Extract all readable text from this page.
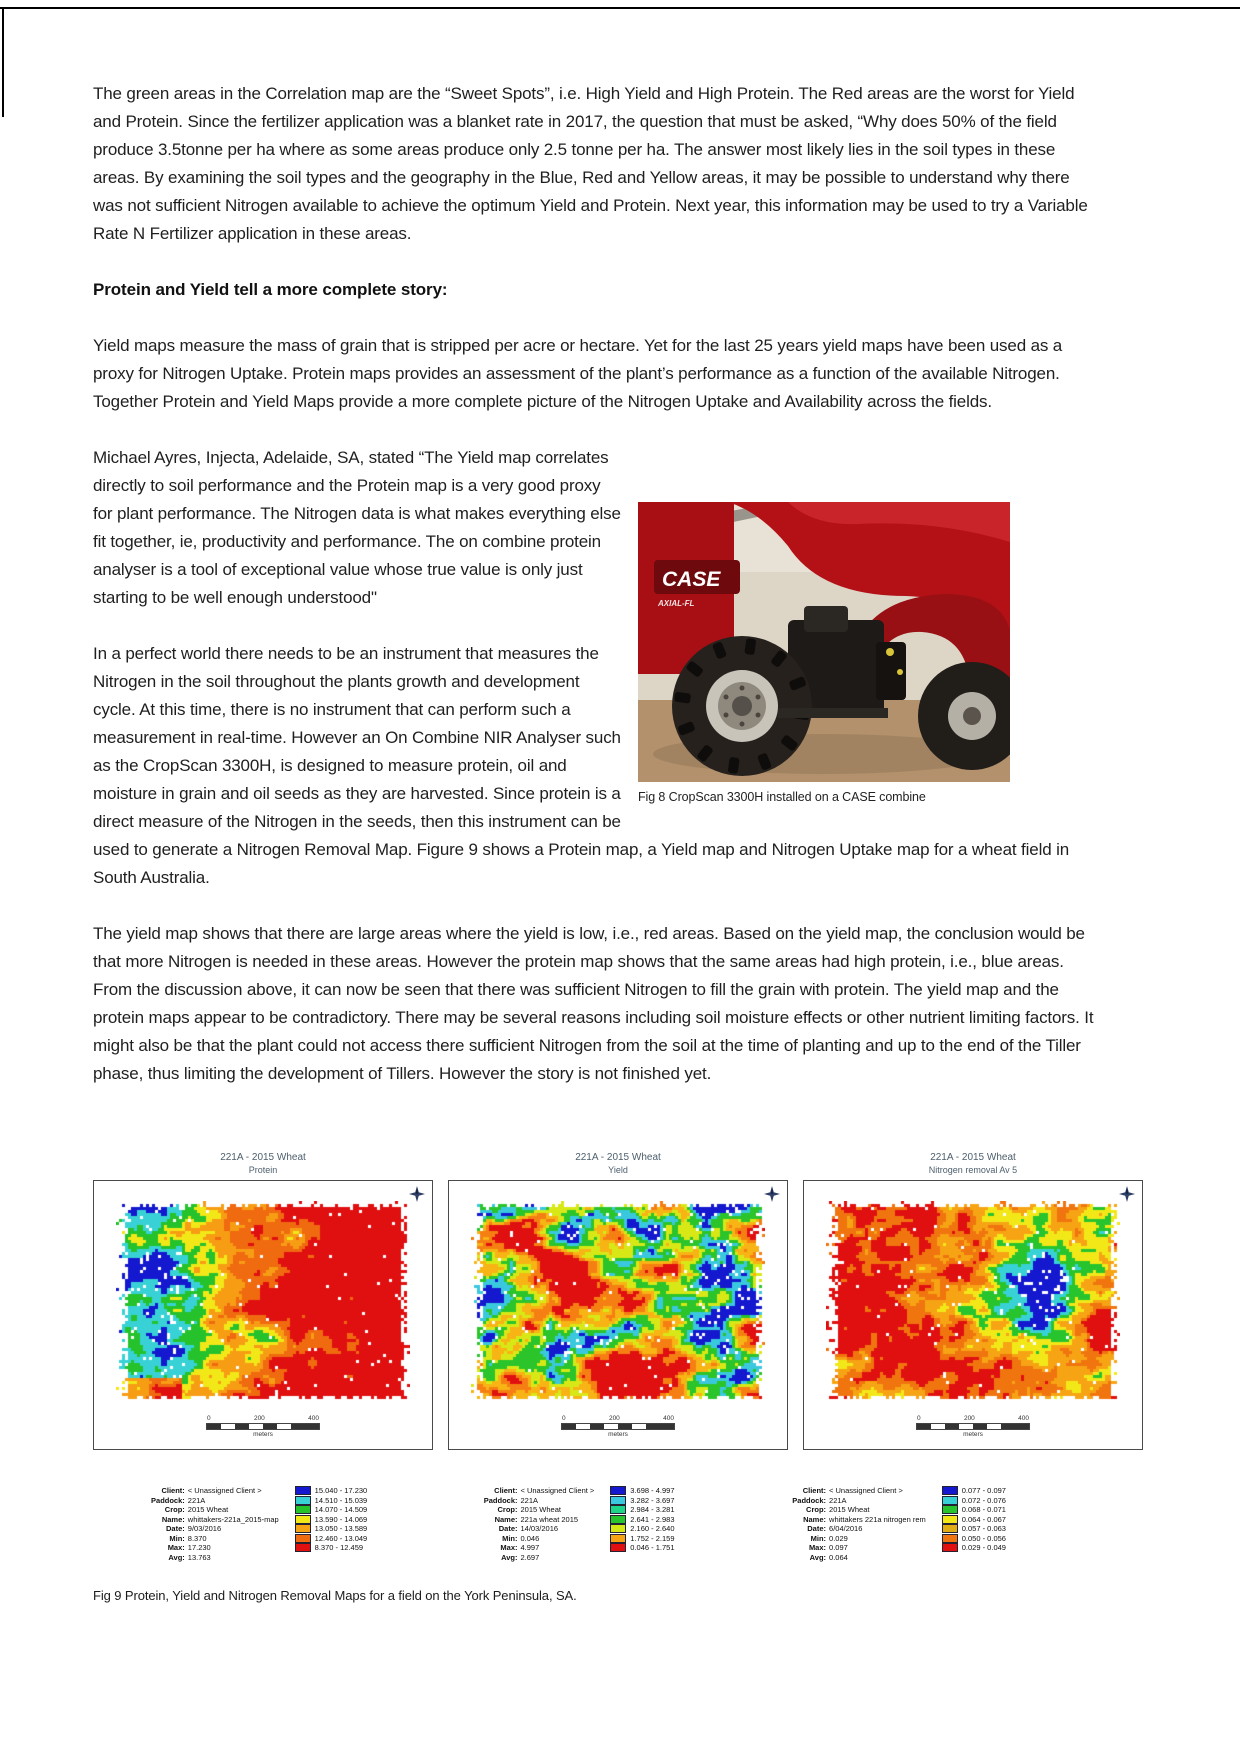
The green areas in the Correlation map are the “Sweet Spots”, i.e. High Yield and High Protein. The Red areas are the worst for Yield and Protein. Since the fertilizer application was a blanket rate in 2017, the question that must be asked, “Why does 50% of the field produce 3.5tonne per ha where as some areas produce only 2.5 tonne per ha. The answer most likely lies in the soil types in these areas. By examining the soil types and the geography in the Blue, Red and Yellow areas, it may be possible to understand why there was not sufficient Nitrogen available to achieve the optimum Yield and Protein. Next year, this information may be used to try a Variable Rate N Fertilizer application in these areas.

Protein and Yield tell a more complete story:

Yield maps measure the mass of grain that is stripped per acre or hectare. Yet for the last 25 years yield maps have been used as a proxy for Nitrogen Uptake. Protein maps provides an assessment of the plant’s performance as a function of the available Nitrogen. Together Protein and Yield Maps provide a more complete picture of the Nitrogen Uptake and Availability across the fields.

CASE
AXIAL-FL
Fig 8 CropScan 3300H installed on a CASE combine

Michael Ayres, Injecta, Adelaide, SA, stated “The Yield map correlates directly to soil performance and the Protein map is a very good proxy for plant performance. The Nitrogen data is what makes everything else fit together, ie, productivity and performance. The on combine protein analyser is a tool of exceptional value whose true value is only just starting to be well enough understood"

In a perfect world there needs to be an instrument that measures the Nitrogen in the soil throughout the plants growth and development cycle. At this time, there is no instrument that can perform such a measurement in real-time. However an On Combine NIR Analyser such as the CropScan 3300H, is designed to measure protein, oil and moisture in grain and oil seeds as they are harvested. Since protein is a direct measure of the Nitrogen in the seeds, then this instrument can be used to generate a Nitrogen Removal Map. Figure 9 shows a Protein map, a Yield map and Nitrogen Uptake map for a wheat field in South Australia.

The yield map shows that there are large areas where the yield is low, i.e., red areas. Based on the yield map, the conclusion would be that more Nitrogen is needed in these areas. However the protein map shows that the same areas had high protein, i.e., blue areas. From the discussion above, it can now be seen that there was sufficient Nitrogen to fill the grain with protein. The yield map and the protein maps appear to be contradictory. There may be several reasons including soil moisture effects or other nutrient limiting factors. It might also be that the plant could not access there sufficient Nitrogen from the soil at the time of planting and up to the end of the Tiller phase, thus limiting the development of Tillers. However the story is not finished yet.

221A - 2015 Wheat
Protein
0	200	400
meters
221A - 2015 Wheat
Yield
0	200	400
meters
221A - 2015 Wheat
Nitrogen removal Av 5
0	200	400
meters
Client: < Unassigned Client >
Paddock: 221A
Crop: 2015 Wheat
Name: whittakers-221a_2015-map
Date: 9/03/2016
Min: 8.370
Max: 17.230
Avg: 13.763
15.040 - 17.230
14.510 - 15.039
14.070 - 14.509
13.590 - 14.069
13.050 - 13.589
12.460 - 13.049
8.370 - 12.459
Client: < Unassigned Client >
Paddock: 221A
Crop: 2015 Wheat
Name: 221a wheat 2015
Date: 14/03/2016
Min: 0.046
Max: 4.997
Avg: 2.697
3.698 - 4.997
3.282 - 3.697
2.984 - 3.281
2.641 - 2.983
2.160 - 2.640
1.752 - 2.159
0.046 - 1.751
Client: < Unassigned Client >
Paddock: 221A
Crop: 2015 Wheat
Name: whittakers 221a nitrogen rem
Date: 6/04/2016
Min: 0.029
Max: 0.097
Avg: 0.064
0.077 - 0.097
0.072 - 0.076
0.068 - 0.071
0.064 - 0.067
0.057 - 0.063
0.050 - 0.056
0.029 - 0.049
Fig 9 Protein, Yield and Nitrogen Removal Maps for a field on the York Peninsula, SA.
